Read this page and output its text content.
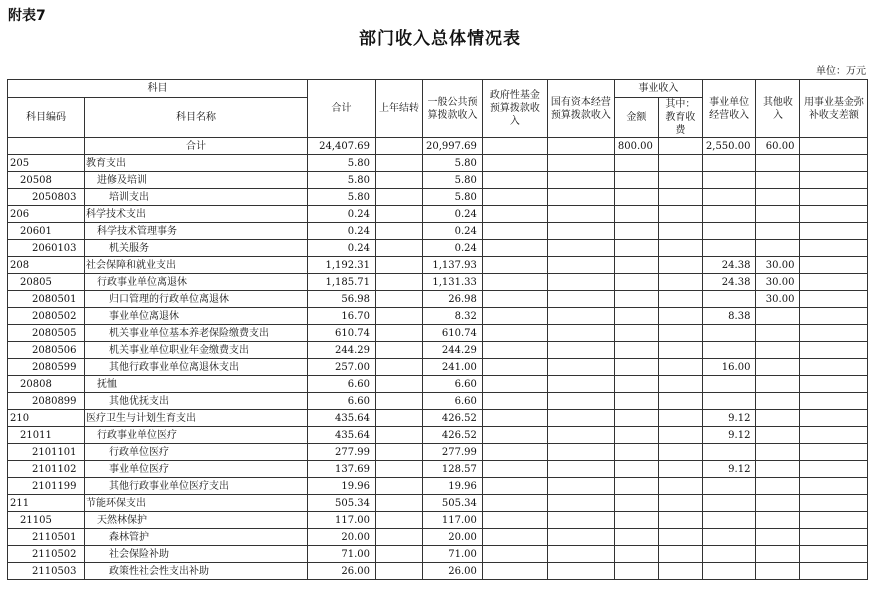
附表7
部门收入总体情况表
单位：万元
科目		合计	上年结转	一般公共预算拨款收入	政府性基金预算拨款收入	国有资本经营预算拨款收入	事业收入		事业单位经营收入	其他收入	用事业基金弥补收支差额
科目编码	科目名称						金额	其中：教育收费			

	合计	24,407.69		20,997.69			800.00		2,550.00	60.00	
205	教育支出	5.80		5.80							
20508	进修及培训	5.80		5.80							
2050803	培训支出	5.80		5.80							
206	科学技术支出	0.24		0.24							
20601	科学技术管理事务	0.24		0.24							
2060103	机关服务	0.24		0.24							
208	社会保障和就业支出	1,192.31		1,137.93					24.38	30.00	
20805	行政事业单位离退休	1,185.71		1,131.33					24.38	30.00	
2080501	归口管理的行政单位离退休	56.98		26.98						30.00	
2080502	事业单位离退休	16.70		8.32					8.38		
2080505	机关事业单位基本养老保险缴费支出	610.74		610.74							
2080506	机关事业单位职业年金缴费支出	244.29		244.29							
2080599	其他行政事业单位离退休支出	257.00		241.00					16.00		
20808	抚恤	6.60		6.60							
2080899	其他优抚支出	6.60		6.60							
210	医疗卫生与计划生育支出	435.64		426.52					9.12		
21011	行政事业单位医疗	435.64		426.52					9.12		
2101101	行政单位医疗	277.99		277.99							
2101102	事业单位医疗	137.69		128.57					9.12		
2101199	其他行政事业单位医疗支出	19.96		19.96							
211	节能环保支出	505.34		505.34							
21105	天然林保护	117.00		117.00							
2110501	森林管护	20.00		20.00							
2110502	社会保险补助	71.00		71.00							
2110503	政策性社会性支出补助	26.00		26.00							
